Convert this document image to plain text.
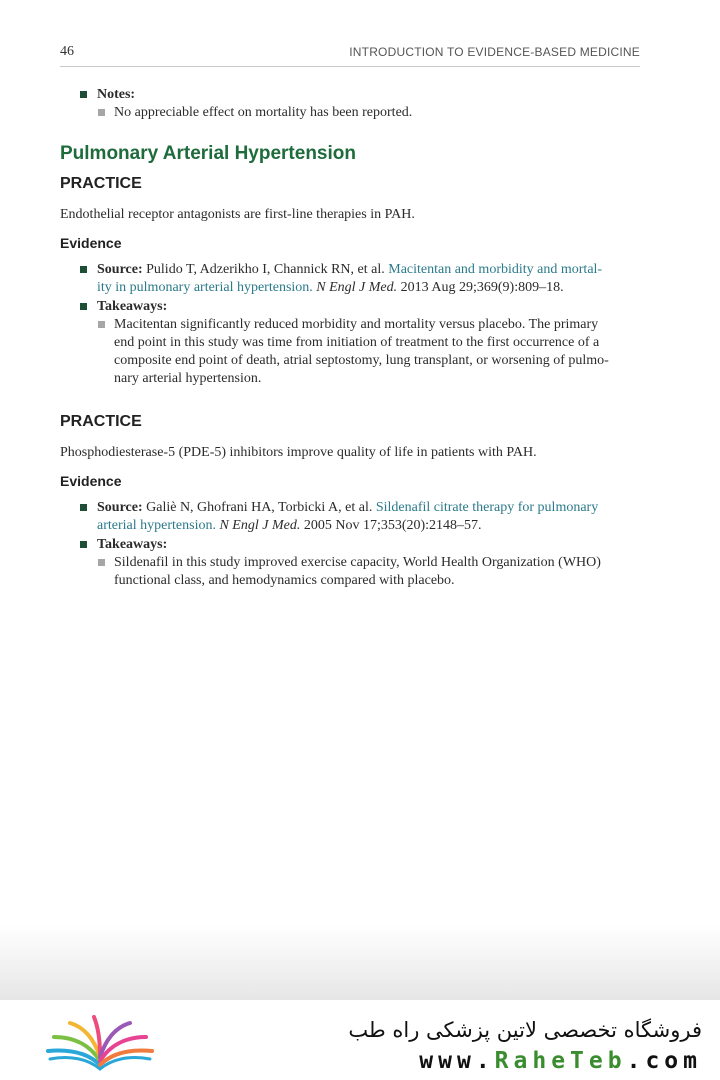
46	INTRODUCTION TO EVIDENCE-BASED MEDICINE
Notes:
No appreciable effect on mortality has been reported.
Pulmonary Arterial Hypertension
PRACTICE
Endothelial receptor antagonists are first-line therapies in PAH.
Evidence
Source: Pulido T, Adzerikho I, Channick RN, et al. Macitentan and morbidity and mortal-
ity in pulmonary arterial hypertension. N Engl J Med. 2013 Aug 29;369(9):809–18.
Takeaways:
Macitentan significantly reduced morbidity and mortality versus placebo. The primary
end point in this study was time from initiation of treatment to the first occurrence of a
composite end point of death, atrial septostomy, lung transplant, or worsening of pulmo-
nary arterial hypertension.
PRACTICE
Phosphodiesterase-5 (PDE-5) inhibitors improve quality of life in patients with PAH.
Evidence
Source: Galiè N, Ghofrani HA, Torbicki A, et al. Sildenafil citrate therapy for pulmonary
arterial hypertension. N Engl J Med. 2005 Nov 17;353(20):2148–57.
Takeaways:
Sildenafil in this study improved exercise capacity, World Health Organization (WHO)
functional class, and hemodynamics compared with placebo.
فروشگاه تخصصی لاتین پزشکی راه طب
www.RaheTeb.com
